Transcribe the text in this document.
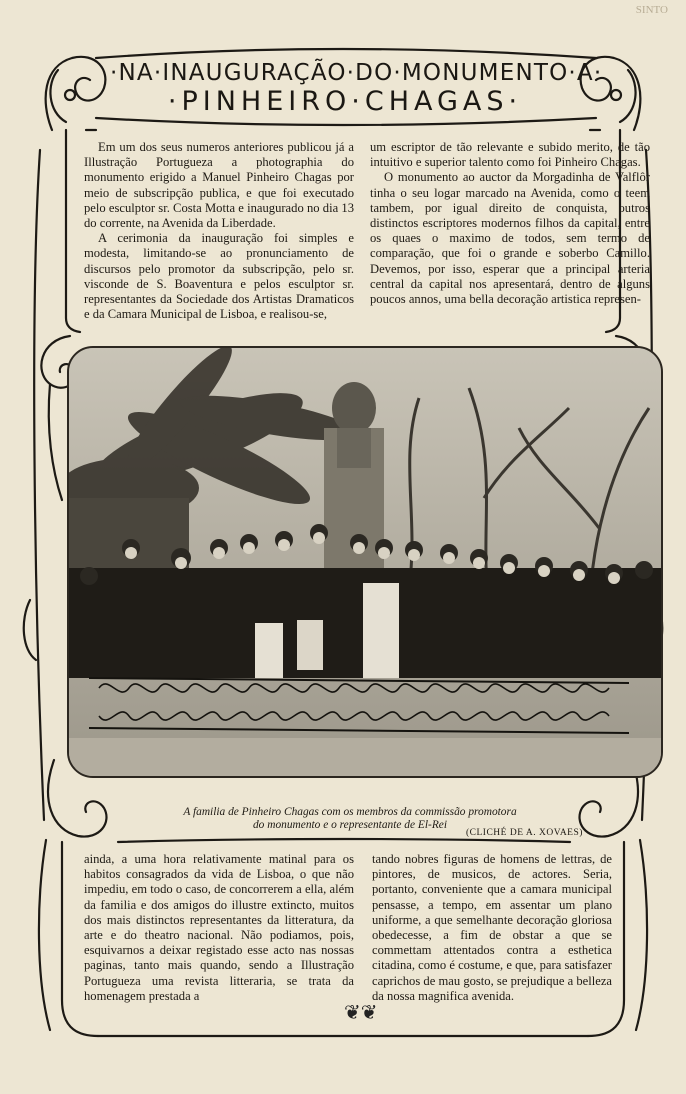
SINTO
·NA·INAUGURAÇÃO·DO·MONUMENTO·A·
·PINHEIRO·CHAGAS·

Em um dos seus numeros anteriores publicou já a Illustração Portugueza a photographia do monumento erigido a Manuel Pinheiro Chagas por meio de subscripção publica, e que foi executado pelo esculptor sr. Costa Motta e inaugurado no dia 13 do corrente, na Avenida da Liberdade.

A cerimonia da inauguração foi simples e modesta, limitando-se ao pronunciamento de discursos pelo promotor da subscripção, pelo sr. visconde de S. Boaventura e pelos esculptor sr. representantes da Sociedade dos Artistas Dramaticos e da Camara Municipal de Lisboa, e realisou-se,

um escriptor de tão relevante e subido merito, de tão intuitivo e superior talento como foi Pinheiro Chagas.

O monumento ao auctor da Morgadinha de Valflôr tinha o seu logar marcado na Avenida, como o teem tambem, por igual direito de conquista, outros distinctos escriptores modernos filhos da capital, entre os quaes o maximo de todos, sem termo de comparação, que foi o grande e soberbo Camillo. Devemos, por isso, esperar que a principal arteria central da capital nos apresentará, dentro de alguns poucos annos, uma bella decoração artistica represen-

A familia de Pinheiro Chagas com os membros da commissão promotora
do monumento e o representante de El-Rei
(CLICHÉ DE A. XOVAES)

ainda, a uma hora relativamente matinal para os habitos consagrados da vida de Lisboa, o que não impediu, em todo o caso, de concorrerem a ella, além da familia e dos amigos do illustre extincto, muitos dos mais distinctos representantes da litteratura, da arte e do theatro nacional. Não podiamos, pois, esquivarnos a deixar registado esse acto nas nossas paginas, tanto mais quando, sendo a Illustração Portugueza uma revista litteraria, se trata da homenagem prestada a

tando nobres figuras de homens de lettras, de pintores, de musicos, de actores. Seria, portanto, conveniente que a camara municipal pensasse, a tempo, em assentar um plano uniforme, a que semelhante decoração gloriosa obedecesse, a fim de obstar a que se commettam attentados contra a esthetica citadina, como é costume, e que, para satisfazer caprichos de mau gosto, se prejudique a belleza da nossa magnifica avenida.

❦❦
